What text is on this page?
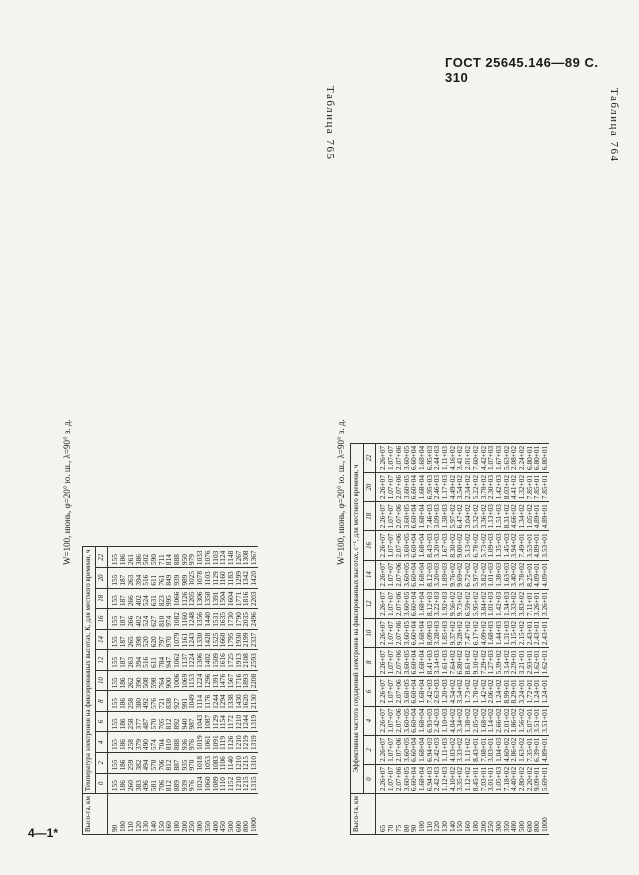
ГОСТ 25645.146—89 С. 310
4—1*
Таблица 764
W=100, июнь, φ=20° ю. ш., λ=90° з. д.
Высо-та, км	Температура электронов на фиксированных высотах, К, для местного времени, ч											
	0	2	4	6	8	10	12	14	16	18	20	22
90	155	155	155	155	155	155	155	155	155	155	155	155
100	186	186	186	186	186	186	187	187	187	187	187	186
110	260	259	258	258	258	262	263	265	266	266	263	261
120	383	382	379	377	380	390	394	398	402	402	394	386
130	496	494	490	487	492	508	516	520	524	524	516	502
140	581	578	574	570	576	598	611	620	627	631	611	590
150	706	706	704	705	721	764	784	797	810	823	761	711
160	812	812	810	812	838	900	947	970	974	995	849	814
180	889	887	888	892	927	1006	1062	1079	1082	1066	939	888
200	939	935	936	940	991	1069	1137	1161	1160	1126	989	950
250	976	970	976	987	1049	1153	1224	1243	1248	1205	1025	979
300	1024	1018	1019	1043	1114	1224	1306	1330	1356	1306	1078	1033
350	1060	1053	1061	1087	1176	1296	1402	1428	1440	1358	1103	1076
400	1089	1083	1091	1129	1244	1391	1509	1525	1531	1391	1129	1103
450	1110	1106	1119	1154	1294	1476	1616	1660	1635	1504	1160	1124
500	1152	1140	1126	1172	1338	1567	1725	1795	1730	1604	1183	1148
600	1210	1210	1210	1210	1430	1716	1913	1930	1790	1771	1299	1267
800	1215	1215	1219	1244	1620	1893	2108	2199	2035	1816	1342	1308
1000	1315	1310	1319	1319	2130	2208	2593	2337	2496	2203	1420	1367
Таблица 765
W=100, июнь, φ=20° ю. ш., λ=90° з. д.
Высо-та, км	Эффективная частота соударений электронов на фиксированных высотах, с⁻¹, для местного времени, ч											
	0	2	4	6	8	10	12	14	16	18	20	22
65	2.26+07	2.26+07	2.26+07	2.26+07	2.26+07	2.26+07	2.26+07	2.26+07	2.26+07	2.26+07	2.26+07	2.26+07
70	1.07+07	1.07+07	1.07+07	1.07+07	1.07+07	1.07+07	1.07+07	1.07+07	1.07+07	1.07+07	1.07+07	1.07+07
75	2.07+06	2.07+06	2.07+06	2.07+06	2.07+06	2.07+06	2.07+06	2.07+06	2.07+06	2.07+06	2.07+06	2.07+06
80	3.60+05	3.60+05	3.60+05	3.60+05	3.60+05	3.60+05	3.60+05	3.60+05	3.60+05	3.60+05	3.60+05	3.60+05
90	6.60+04	6.60+04	6.60+04	6.60+04	6.60+04	6.60+04	6.60+04	6.60+04	6.60+04	6.60+04	6.60+04	6.60+04
100	1.68+04	1.68+04	1.68+04	1.68+04	1.68+04	1.68+04	1.68+04	1.68+04	1.68+04	1.68+04	1.68+04	1.68+04
110	6.94+03	6.94+03	6.93+03	7.42+03	8.41+03	8.09+03	8.12+03	8.12+03	8.43+03	7.46+03	6.95+03	6.95+03
120	2.42+03	2.42+03	2.42+03	2.63+03	3.14+03	3.28+03	3.22+03	3.20+03	3.20+03	3.09+03	2.46+03	2.44+03
130	1.12+03	1.11+03	1.10+03	1.20+03	1.61+03	1.85+03	1.92+03	1.89+03	1.67+03	1.38+03	1.17+03	1.11+03
140	4.10+02	4.03+02	4.04+02	4.54+02	7.64+02	9.37+02	9.56+02	9.76+02	8.30+02	5.97+02	4.49+02	4.16+02
150	3.35+02	3.33+02	3.34+02	3.54+02	6.80+02	9.28+02	9.73+02	9.69+02	9.00+02	6.47+02	3.54+02	3.41+02
160	1.12+02	1.11+02	1.38+02	1.73+02	8.61+02	7.47+02	6.59+02	6.72+02	5.13+02	3.04+02	2.34+02	2.01+02
180	8.45+01	8.43+01	2.05+02	1.78+02	9.10+02	6.17+02	5.95+02	5.97+02	6.78+02	5.32+02	5.22+02	7.60+02
200	7.03+01	7.08+01	1.68+02	1.42+02	7.29+02	4.09+02	3.84+02	3.82+02	5.73+02	3.36+02	3.78+02	4.42+02
250	3.01+01	3.03+01	1.14+02	2.06+02	1.27+03	1.68+03	1.01+03	1.01+03	1.09+03	1.13+03	2.30+03	1.07+03
300	1.05+03	1.04+03	2.66+02	1.24+02	5.39+02	1.44+03	1.42+03	1.38+03	1.35+03	1.51+03	1.42+03	1.67+03
350	7.18+02	4.60+02	2.01+02	8.99+01	3.14+02	1.31+03	1.34+03	1.63+03	1.45+03	8.31+02	8.03+02	5.63+02
400	4.40+02	2.86+02	1.86+02	8.29+01	2.29+01	3.15+02	3.33+02	3.40+02	3.94+02	4.66+02	4.41+02	2.08+02
500	2.80+02	1.63+02	1.56+02	3.24+01	3.21+01	2.15+02	3.83+02	3.78+02	7.49+01	1.34+02	1.32+02	2.24+02
600	2.20+02	7.35+01	5.07+01	1.72+01	2.93+01	2.43+01	7.11+01	8.25+01	3.53+01	1.05+02	7.85+01	6.80+01
800	9.09+01	6.39+01	3.51+01	1.24+01	1.62+01	2.43+01	3.26+01	4.09+01	4.89+01	4.89+01	7.85+01	6.80+01
1000	5.69+01	4.89+01	3.51+01	1.24+01	1.62+01	2.43+01	3.26+01	4.09+01	3.53+01	4.89+01	7.85+01	6.80+01
